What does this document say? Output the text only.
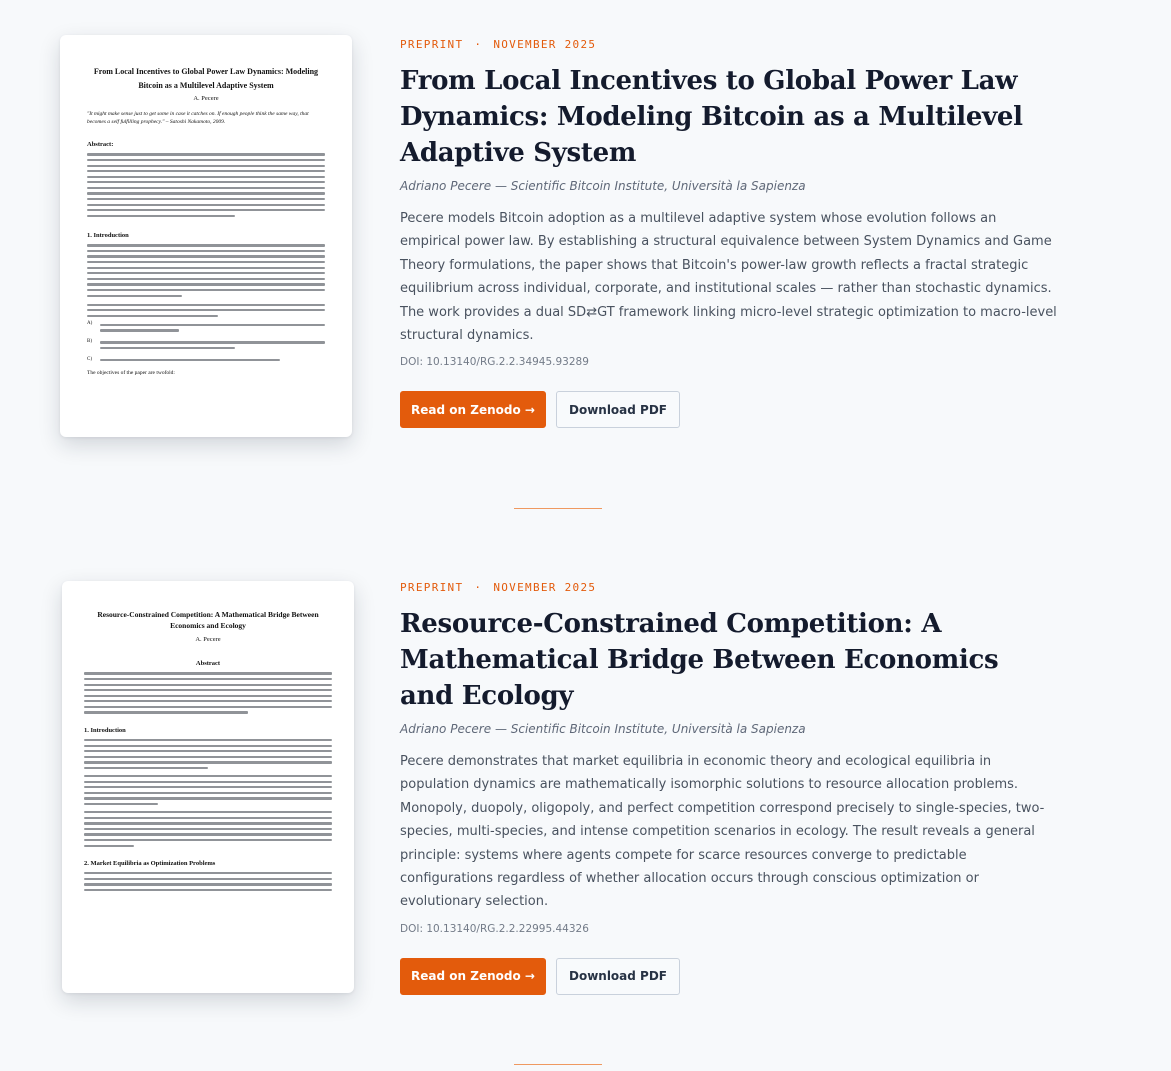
From Local Incentives to Global Power Law Dynamics: Modeling Bitcoin as a Multilevel Adaptive System
A. Pecere
"It might make sense just to get some in case it catches on. If enough people think the same way, that becomes a self fulfilling prophecy." – Satoshi Nakamoto, 2009.
Abstract:
1. Introduction
A)
B)
C)
The objectives of the paper are twofold:
PREPRINT · NOVEMBER 2025
From Local Incentives to Global Power Law Dynamics: Modeling Bitcoin as a Multilevel Adaptive System
Adriano Pecere — Scientific Bitcoin Institute, Università la Sapienza
Pecere models Bitcoin adoption as a multilevel adaptive system whose evolution follows an empirical power law. By establishing a structural equivalence between System Dynamics and Game Theory formulations, the paper shows that Bitcoin's power-law growth reflects a fractal strategic equilibrium across individual, corporate, and institutional scales — rather than stochastic dynamics. The work provides a dual SD⇄GT framework linking micro-level strategic optimization to macro-level structural dynamics.
DOI: 10.13140/RG.2.2.34945.93289
Read on Zenodo →	Download PDF
Resource-Constrained Competition: A Mathematical Bridge Between Economics and Ecology
A. Pecere
Abstract
1. Introduction
2. Market Equilibria as Optimization Problems
PREPRINT · NOVEMBER 2025
Resource-Constrained Competition: A Mathematical Bridge Between Economics and Ecology
Adriano Pecere — Scientific Bitcoin Institute, Università la Sapienza
Pecere demonstrates that market equilibria in economic theory and ecological equilibria in population dynamics are mathematically isomorphic solutions to resource allocation problems. Monopoly, duopoly, oligopoly, and perfect competition correspond precisely to single-species, two-species, multi-species, and intense competition scenarios in ecology. The result reveals a general principle: systems where agents compete for scarce resources converge to predictable configurations regardless of whether allocation occurs through conscious optimization or evolutionary selection.
DOI: 10.13140/RG.2.2.22995.44326
Read on Zenodo →	Download PDF
